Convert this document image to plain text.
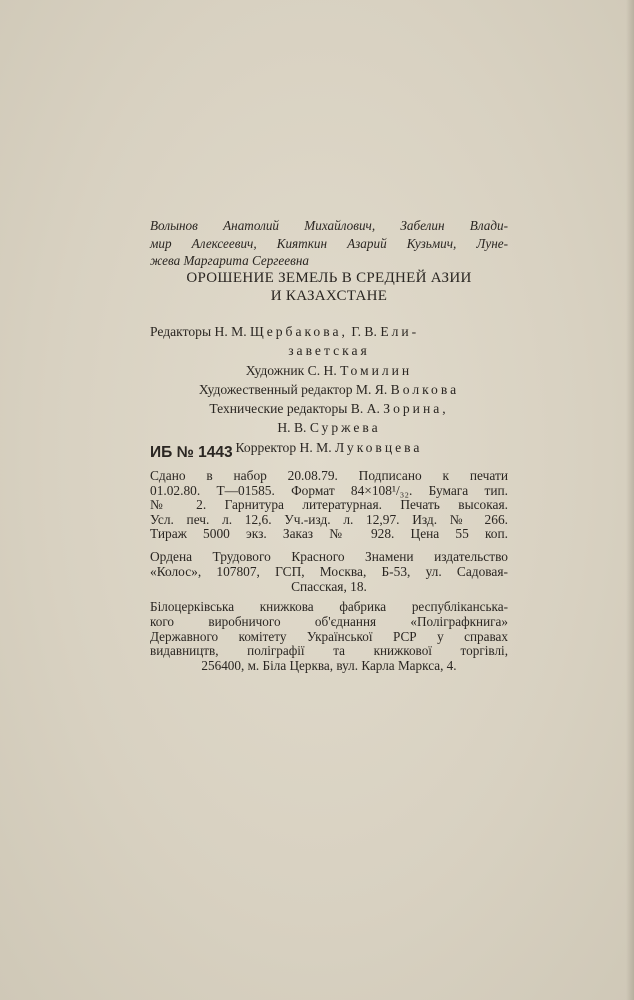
Волынов Анатолий Михайлович, Забелин Влади-
мир Алексеевич, Кияткин Азарий Кузьмич, Луне-
жева Маргарита Сергеевна
ОРОШЕНИЕ ЗЕМЕЛЬ В СРЕДНЕЙ АЗИИ
И КАЗАХСТАНЕ
Редакторы Н. М. Щербакова, Г. В. Ели-
заветская
Художник С. Н. Томилин
Художественный редактор М. Я. Волкова
Технические редакторы В. А. Зорина,
Н. В. Суржева
Корректор Н. М. Луковцева
ИБ № 1443
Сдано в набор 20.08.79. Подписано к печати
01.02.80. Т—01585. Формат 84×108¹/₃₂. Бумага тип.
№ 2. Гарнитура литературная. Печать высокая.
Усл. печ. л. 12,6. Уч.-изд. л. 12,97. Изд. № 266.
Тираж 5000 экз. Заказ № 928. Цена 55 коп.
Ордена Трудового Красного Знамени издательство
«Колос», 107807, ГСП, Москва, Б-53, ул. Садовая-
Спасская, 18.
Білоцерківська книжкова фабрика республіканська-
кого виробничого об'єднання «Поліграфкнига»
Державного комітету Української РСР у справах
видавництв, поліграфії та книжкової торгівлі,
256400, м. Біла Церква, вул. Карла Маркса, 4.
